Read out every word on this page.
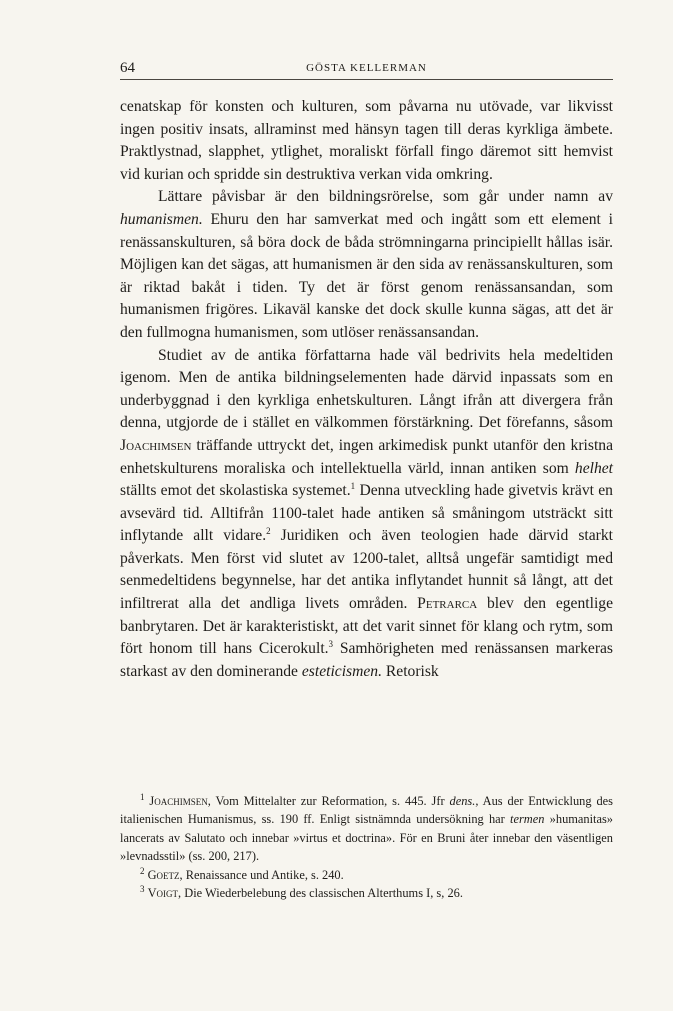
64	GÖSTA KELLERMAN

cenatskap för konsten och kulturen, som påvarna nu utövade, var likvisst ingen positiv insats, allraminst med hänsyn tagen till deras kyrkliga ämbete. Praktlystnad, slapphet, ytlighet, moraliskt förfall fingo däremot sitt hemvist vid kurian och spridde sin destruktiva verkan vida omkring.

Lättare påvisbar är den bildningsrörelse, som går under namn av humanismen. Ehuru den har samverkat med och ingått som ett element i renässanskulturen, så böra dock de båda strömningarna principiellt hållas isär. Möjligen kan det sägas, att humanismen är den sida av renässanskulturen, som är riktad bakåt i tiden. Ty det är först genom renässansandan, som humanismen frigöres. Likaväl kanske det dock skulle kunna sägas, att det är den fullmogna humanismen, som utlöser renässansandan.

Studiet av de antika författarna hade väl bedrivits hela medeltiden igenom. Men de antika bildningselementen hade därvid inpassats som en underbyggnad i den kyrkliga enhetskulturen. Långt ifrån att divergera från denna, utgjorde de i stället en välkommen förstärkning. Det förefanns, såsom Joachimsen träffande uttryckt det, ingen arkimedisk punkt utanför den kristna enhetskulturens moraliska och intellektuella värld, innan antiken som helhet ställts emot det skolastiska systemet.$^1$ Denna utveckling hade givetvis krävt en avsevärd tid. Alltifrån 1100-talet hade antiken så småningom utsträckt sitt inflytande allt vidare.$^2$ Juridiken och även teologien hade därvid starkt påverkats. Men först vid slutet av 1200-talet, alltså ungefär samtidigt med senmedeltidens begynnelse, har det antika inflytandet hunnit så långt, att det infiltrerat alla det andliga livets områden. Petrarca blev den egentlige banbrytaren. Det är karakteristiskt, att det varit sinnet för klang och rytm, som fört honom till hans Cicerokult.$^3$ Samhörigheten med renässansen markeras starkast av den dominerande esteticismen. Retorisk

$^1$ Joachimsen, Vom Mittelalter zur Reformation, s. 445. Jfr dens., Aus der Entwicklung des italienischen Humanismus, ss. 190 ff. Enligt sistnämnda undersökning har termen »humanitas» lancerats av Salutato och innebar »virtus et doctrina». För en Bruni åter innebar den väsentligen »levnadsstil» (ss. 200, 217).

$^2$ Goetz, Renaissance und Antike, s. 240.

$^3$ Voigt, Die Wiederbelebung des classischen Alterthums I, s, 26.
